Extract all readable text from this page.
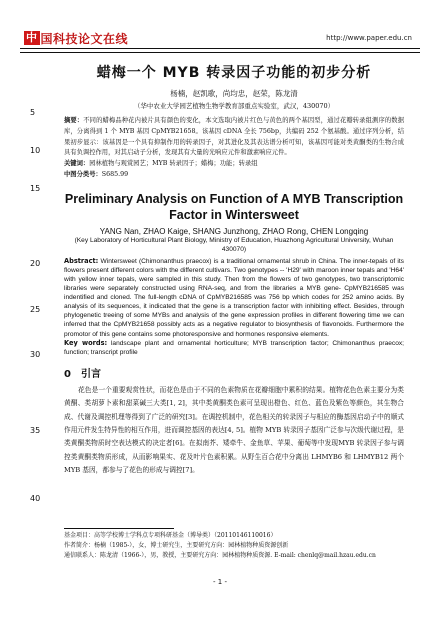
中 国科技论文在线	http://www.paper.edu.cn
5
10
15
20
25
30
35
40
蜡梅一个 MYB 转录因子功能的初步分析
杨楠，赵凯歌，尚均忠，赵荣，陈龙清
（华中农业大学园艺植物生物学教育部重点实验室，武汉，430070）

摘要：不同的蜡梅品种花内被片具有颜色的变化，本文选取内被片红色与黄色的两个基因型，通过花瓣转录组测序的数据库，分离得到 1 个 MYB 基因 CpMYB21658。该基因 cDNA 全长 756bp，共编码 252 个氨基酸。通过序列分析，结果初步显示：该基因是一个具有抑制作用的转录因子，对其进化及其表达谱分析可知，该基因可能对类黄酮类的生物合成具有负调控作用，对其启动子分析，发现其有大量的光响应元件和激素响应元件。

关键词：园林植物与观赏园艺；MYB 转录因子；蜡梅；功能；转录组

中图分类号：S685.99

Preliminary Analysis on Function of A MYB Transcription Factor in Wintersweet
YANG Nan, ZHAO Kaige, SHANG Junzhong, ZHAO Rong, CHEN Longqing
(Key Laboratory of Horticultural Plant Biology, Ministry of Education, Huazhong Agricultural University, Wuhan 430070)

Abstract: Wintersweet (Chimonanthus praecox) is a traditional ornamental shrub in China. The inner-tepals of its flowers present different colors with the different cultivars. Two genotypes -- 'H29' with maroon inner tepals and 'H64' with yellow inner tepals, were sampled in this study. Then from the flowers of two genotypes, two transcriptomic libraries were separately constructed using RNA-seq, and from the libraries a MYB gene- CpMYB216585 was indentified and cloned. The full-length cDNA of CpMYB216585 was 756 bp which codes for 252 amino acids. By analysis of its sequences, it indicated that the gene is a transcription factor with inhibiting effect. Besides, through phylogenetic treeing of some MYBs and analysis of the gene expression profiles in different flowering time we can inferred that the CpMYB21658 possibly acts as a negative regulator to biosynthesis of flavonoids. Furthermore the promotor of this gene contains some photoresponsive and hormones responsive elements.

Key words: landscape plant and ornamental horticulture; MYB transcription factor; Chimonanthus praecox; function; transcript profile

0　引言

花色是一个重要观赏性状，而花色是由于不同的色素物质在花瓣细胞中累积的结果。植物花色色素主要分为类黄酮、类胡萝卜素和甜菜碱三大类[1, 2]，其中类黄酮类色素可呈现出橙色、红色、蓝色及紫色等颜色，其生物合成、代谢及调控机理等得到了广泛的研究[3]。在调控机制中，花色相关的转录因子与相应的酶基因启动子中的顺式作用元件发生特异性的相互作用，进而调控基因的表达[4, 5]。植物 MYB 转录因子基因广泛参与次级代谢过程，是类黄酮类物质时空表达模式的决定者[6]。在拟南芥、矮牵牛、金鱼草、苹果、葡萄等中发现MYB 转录因子参与调控类黄酮类物质形成，从而影响果实、花及叶片色素积累。从野生百合花中分离出 LHMYB6 和 LHMYB12 两个 MYB 基因，都参与了花色的形成与调控[7]。

基金项目：高等学校博士学科点专项科研基金（博导类）（20110146110016）
作者简介：杨楠（1985-），女，博士研究生，主要研究方向：园林植物种质资源创新
通信联系人：陈龙清（1966-），男，教授，主要研究方向：园林植物种质资源. E-mail: chenlq@mail.hzau.edu.cn
- 1 -
